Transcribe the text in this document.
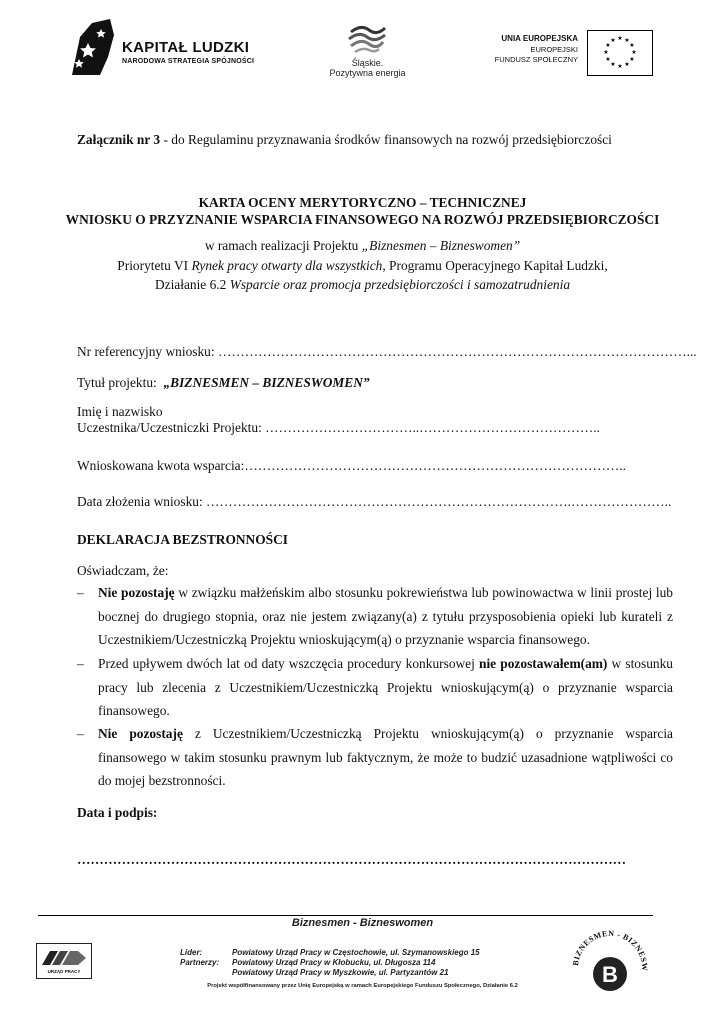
KAPITAŁ LUDZKI
NARODOWA STRATEGIA SPÓJNOŚCI	Śląskie.
Pozytywna energia
UNIA EUROPEJSKA
EUROPEJSKI
FUNDUSZ SPOŁECZNY
★ ★
★
★
★
★
★
★
★
★
★
★
Załącznik nr 3 - do Regulaminu przyznawania środków finansowych na rozwój przedsiębiorczości
KARTA OCENY MERYTORYCZNO – TECHNICZNEJ
WNIOSKU O PRZYZNANIE WSPARCIA FINANSOWEGO NA ROZWÓJ PRZEDSIĘBIORCZOŚCI
w ramach realizacji Projektu „Biznesmen – Bizneswomen”
Priorytetu VI Rynek pracy otwarty dla wszystkich, Programu Operacyjnego Kapitał Ludzki,
Działanie 6.2 Wsparcie oraz promocja przedsiębiorczości i samozatrudnienia
Nr referencyjny wniosku: ……………………………………………………………………………………………...
Tytuł projektu:  „BIZNESMEN – BIZNESWOMEN”
Imię i nazwisko
Uczestnika/Uczestniczki Projektu: ……………………………..…………………………………..
Wnioskowana kwota wsparcia:…………………………………………………………………………..
Data złożenia wniosku: ……………………………………………………………………….…………………..
DEKLARACJA BEZSTRONNOŚCI
Oświadczam, że:
– Nie pozostaję w związku małżeńskim albo stosunku pokrewieństwa lub powinowactwa w linii prostej lub bocznej do drugiego stopnia, oraz nie jestem związany(a) z tytułu przysposobienia opieki lub kurateli z Uczestnikiem/Uczestniczką Projektu wnioskującym(ą) o przyznanie wsparcia finansowego.
– Przed upływem dwóch lat od daty wszczęcia procedury konkursowej nie pozostawałem(am) w stosunku pracy lub zlecenia z Uczestnikiem/Uczestniczką Projektu wnioskującym(ą) o przyznanie wsparcia finansowego.
– Nie pozostaję z Uczestnikiem/Uczestniczką Projektu wnioskującym(ą) o przyznanie wsparcia finansowego w takim stosunku prawnym lub faktycznym, że może to budzić uzasadnione wątpliwości co do mojej bezstronności.
Data i podpis:
……………………………………………………………………………………………………………
Biznesmen - Bizneswomen
Lider:	Powiatowy Urząd Pracy w Częstochowie, ul. Szymanowskiego 15
Partnerzy: Powiatowy Urząd Pracy w Kłobucku, ul. Długosza 114
Powiatowy Urząd Pracy w Myszkowie, ul. Partyzantów 21
Projekt współfinansowany przez Unię Europejską w ramach Europejskiego Funduszu Społecznego, Działanie 6.2
URZĄD PRACY
BIZNESMEN - BIZNESW
B
